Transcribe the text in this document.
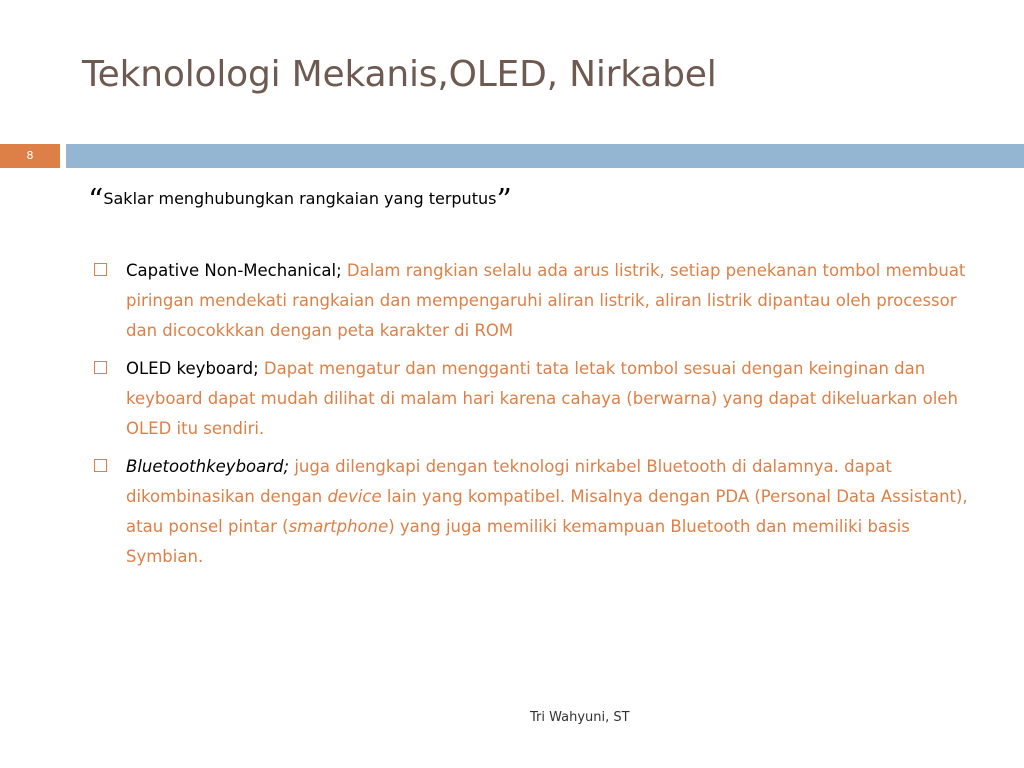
Teknolologi Mekanis,OLED, Nirkabel
8

“Saklar menghubungkan rangkaian yang terputus”

Capative Non-Mechanical; Dalam rangkian selalu ada arus listrik, setiap penekanan tombol membuat piringan mendekati rangkaian dan mempengaruhi aliran listrik, aliran listrik dipantau oleh processor dan dicocokkkan dengan peta karakter di ROM
OLED keyboard; Dapat mengatur dan mengganti tata letak tombol sesuai dengan keinginan dan keyboard dapat mudah dilihat di malam hari karena cahaya (berwarna) yang dapat dikeluarkan oleh OLED itu sendiri.
Bluetoothkeyboard; juga dilengkapi dengan teknologi nirkabel Bluetooth di dalamnya. dapat dikombinasikan dengan device lain yang kompatibel. Misalnya dengan PDA (Personal Data Assistant), atau ponsel pintar (smartphone) yang juga memiliki kemampuan Bluetooth dan memiliki basis Symbian.
Tri Wahyuni, ST
